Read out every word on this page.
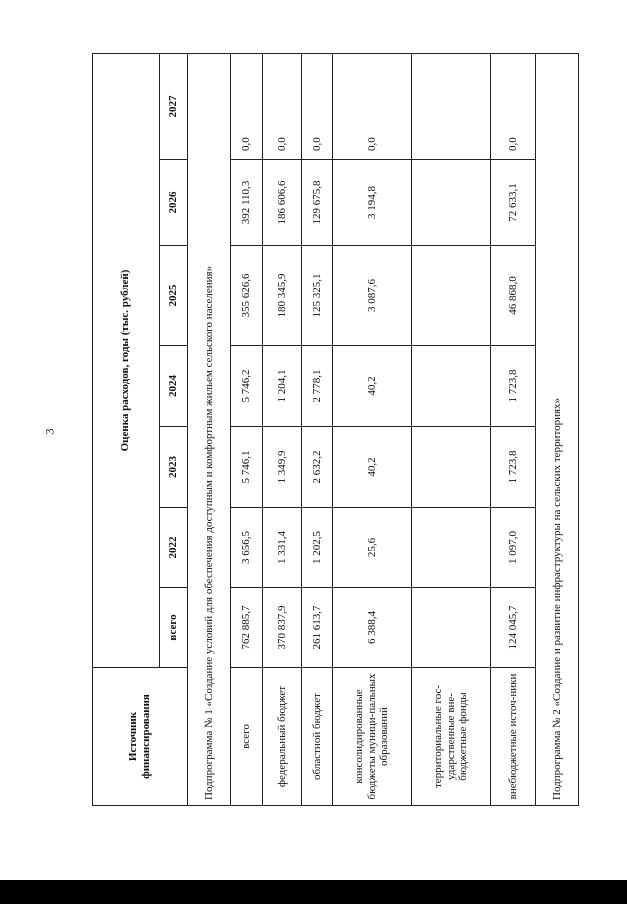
3
Источник финансирования	Оценка расходов, годы (тыс. рублей)						
	всего	2022	2023	2024	2025	2026	2027
Подпрограмма № 1 «Создание условий для обеспечения доступным и комфортным жильем сельского населения»							
всего	762 885,7	3 656,5	5 746,1	5 746,2	355 626,6	392 110,3	0,0
федеральный бюджет	370 837,9	1 331,4	1 349,9	1 204,1	180 345,9	186 606,6	0,0
областной бюджет	261 613,7	1 202,5	2 632,2	2 778,1	125 325,1	129 675,8	0,0
консолидированные бюджеты муници-пальных образований	6 388,4	25,6	40,2	40,2	3 087,6	3 194,8	0,0
территориальные гос-ударственные вне-бюджетные фонды							
внебюджетные источ-ники	124 045,7	1 097,0	1 723,8	1 723,8	46 868,0	72 633,1	0,0
Подпрограмма № 2 «Создание и развитие инфраструктуры на сельских территориях»							
